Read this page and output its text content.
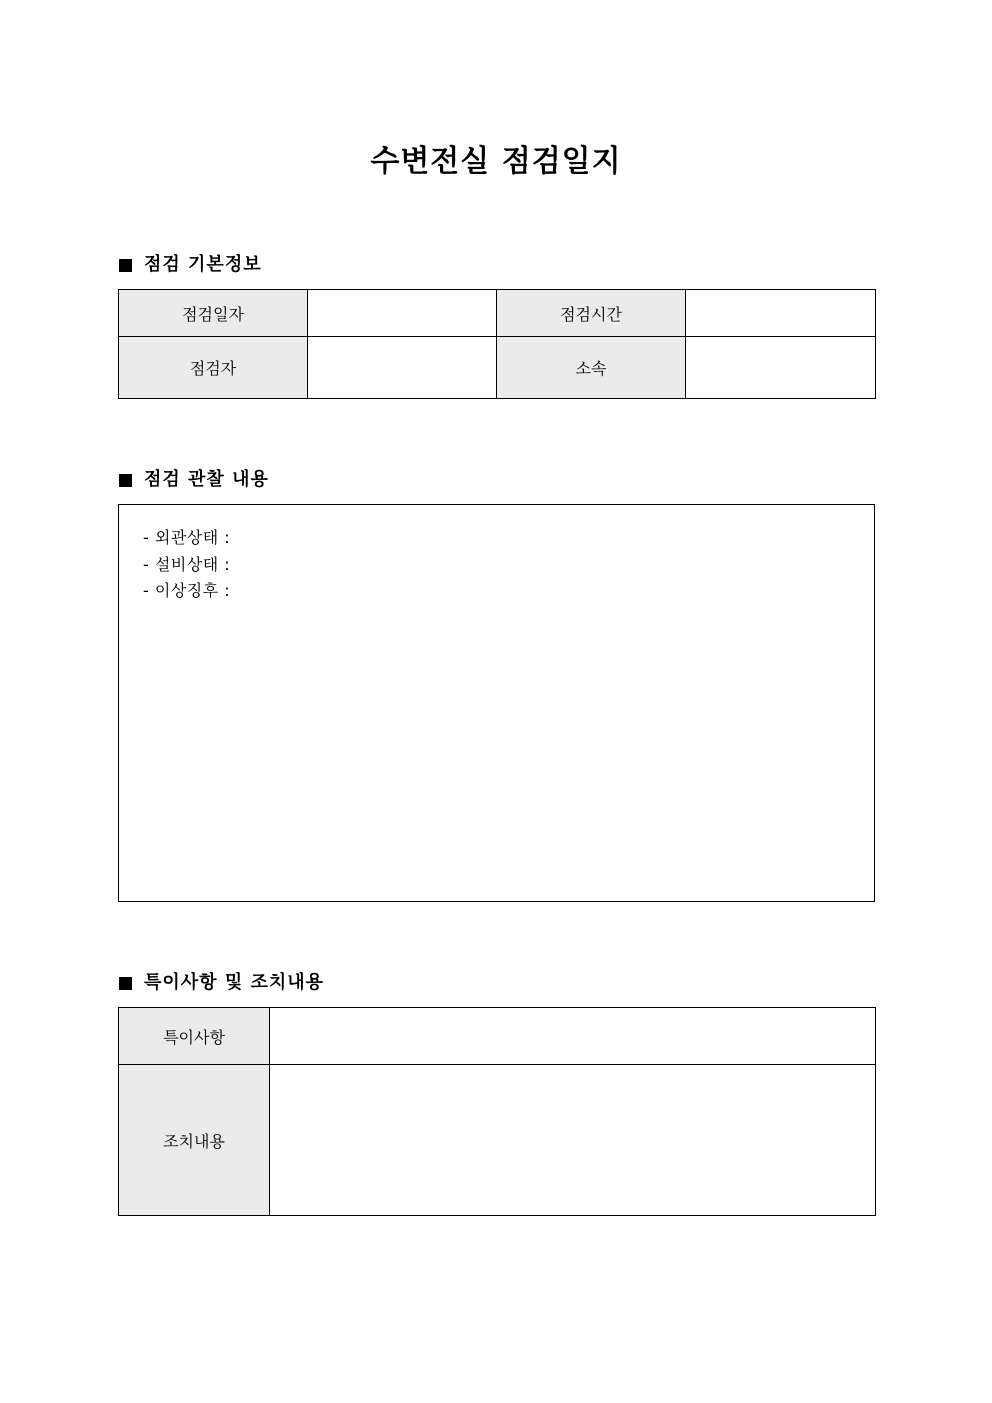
수변전실 점검일지
점검 기본정보
점검일자		점검시간	
점검자		소속	
점검 관찰 내용
- 외관상태 :
- 설비상태 :
- 이상징후 :
특이사항 및 조치내용
특이사항	
조치내용	
